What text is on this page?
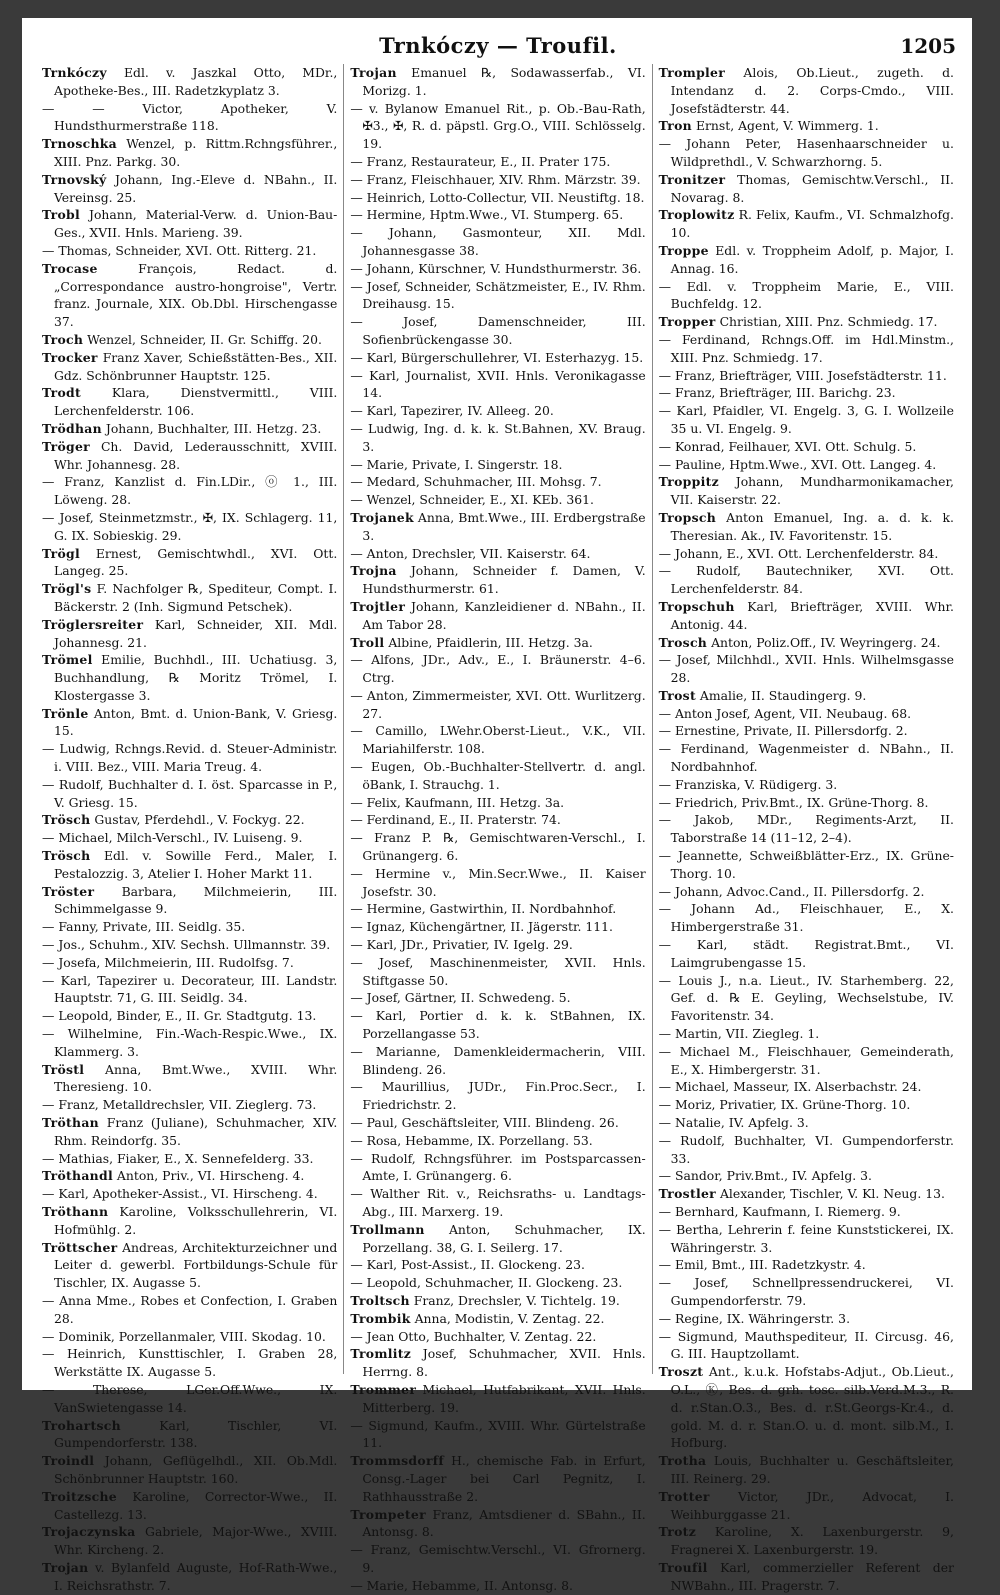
Trnkóczy — Troufil.	1205

Trnkóczy Edl. v. Jaszkal Otto, MDr., Apotheke-Bes., III. Radetzkyplatz 3.

— — Victor, Apotheker, V. Hundsthurmerstraße 118.

Trnoschka Wenzel, p. Rittm.Rchngsführer., XIII. Pnz. Parkg. 30.

Trnovský Johann, Ing.-Eleve d. NBahn., II. Vereinsg. 25.

Trobl Johann, Material-Verw. d. Union-Bau-Ges., XVII. Hnls. Marieng. 39.

— Thomas, Schneider, XVI. Ott. Ritterg. 21.

Trocase	François, Redact. d. „Correspondance austro-hongroise", Vertr. franz. Journale, XIX. Ob.Dbl. Hirschengasse 37.

Troch Wenzel, Schneider, II. Gr. Schiffg. 20.

Trocker Franz Xaver, Schießstätten-Bes., XII. Gdz. Schönbrunner Hauptstr. 125.

Trodt Klara, Dienstvermittl., VIII. Lerchenfelderstr. 106.

Trödhan Johann, Buchhalter, III. Hetzg. 23.

Tröger Ch. David, Lederausschnitt, XVIII. Whr. Johannesg. 28.

— Franz, Kanzlist d. Fin.LDir., ⓞ 1., III. Löweng. 28.

— Josef, Steinmetzmstr., ✠, IX. Schlagerg. 11, G. IX. Sobieskig. 29.

Trögl Ernest, Gemischtwhdl., XVI. Ott. Langeg. 25.

Trögl's F. Nachfolger ℞, Spediteur, Compt. I. Bäckerstr. 2 (Inh. Sigmund Petschek).

Tröglersreiter Karl, Schneider, XII. Mdl. Johannesg. 21.

Trömel Emilie, Buchhdl., III. Uchatiusg. 3, Buchhandlung, ℞ Moritz Trömel, I. Klostergasse 3.

Trönle Anton, Bmt. d. Union-Bank, V. Griesg. 15.

— Ludwig, Rchngs.Revid. d. Steuer-Administr. i. VIII. Bez., VIII. Maria Treug. 4.

— Rudolf, Buchhalter d. I. öst. Sparcasse in P., V. Griesg. 15.

Trösch Gustav, Pferdehdl., V. Fockyg. 22.

— Michael, Milch-Verschl., IV. Luiseng. 9.

Trösch Edl. v. Sowille Ferd., Maler, I. Pestalozzig. 3, Atelier I. Hoher Markt 11.

Tröster Barbara, Milchmeierin, III. Schimmelgasse 9.

— Fanny, Private, III. Seidlg. 35.

— Jos., Schuhm., XIV. Sechsh. Ullmannstr. 39.

— Josefa, Milchmeierin, III. Rudolfsg. 7.

— Karl, Tapezirer u. Decorateur, III. Landstr. Hauptstr. 71, G. III. Seidlg. 34.

— Leopold, Binder, E., II. Gr. Stadtgutg. 13.

— Wilhelmine, Fin.-Wach-Respic.Wwe., IX. Klammerg. 3.

Tröstl Anna, Bmt.Wwe., XVIII. Whr. Theresieng. 10.

— Franz, Metalldrechsler, VII. Zieglerg. 73.

Tröthan Franz (Juliane), Schuhmacher, XIV. Rhm. Reindorfg. 35.

— Mathias, Fiaker, E., X. Sennefelderg. 33.

Tröthandl Anton, Priv., VI. Hirscheng. 4.

— Karl, Apotheker-Assist., VI. Hirscheng. 4.

Tröthann Karoline, Volksschullehrerin, VI. Hofmühlg. 2.

Tröttscher Andreas, Architekturzeichner und Leiter d. gewerbl. Fortbildungs-Schule für Tischler, IX. Augasse 5.

— Anna Mme., Robes et Confection, I. Graben 28.

— Dominik, Porzellanmaler, VIII. Skodag. 10.

— Heinrich, Kunsttischler, I. Graben 28, Werkstätte IX. Augasse 5.

— Therese, LGer.Off.Wwe., IX. VanSwietengasse 14.

Trohartsch	Karl, Tischler, VI. Gumpendorferstr. 138.

Troindl Johann, Geflügelhdl., XII. Ob.Mdl. Schönbrunner Hauptstr. 160.

Troitzsche Karoline, Corrector-Wwe., II. Castellezg. 13.

Trojaczynska Gabriele, Major-Wwe., XVIII. Whr. Kircheng. 2.

Trojan v. Bylanfeld Auguste, Hof-Rath-Wwe., I. Reichsrathstr. 7.

Trojan Emanuel ℞, Sodawasserfab., VI. Morizg. 1.

— v. Bylanow Emanuel Rit., p. Ob.-Bau-Rath, ✠3., ✠, R. d. päpstl. Grg.O., VIII. Schlösselg. 19.

— Franz, Restaurateur, E., II. Prater 175.

— Franz, Fleischhauer, XIV. Rhm. Märzstr. 39.

— Heinrich, Lotto-Collectur, VII. Neustiftg. 18.

— Hermine, Hptm.Wwe., VI. Stumperg. 65.

— Johann, Gasmonteur, XII. Mdl. Johannesgasse 38.

— Johann, Kürschner, V. Hundsthurmerstr. 36.

— Josef, Schneider, Schätzmeister, E., IV. Rhm. Dreihausg. 15.

— Josef, Damenschneider, III. Sofienbrückengasse 30.

— Karl, Bürgerschullehrer, VI. Esterhazyg. 15.

— Karl, Journalist, XVII. Hnls. Veronikagasse 14.

— Karl, Tapezirer, IV. Alleeg. 20.

— Ludwig, Ing. d. k. k. St.Bahnen, XV. Braug. 3.

— Marie, Private, I. Singerstr. 18.

— Medard, Schuhmacher, III. Mohsg. 7.

— Wenzel, Schneider, E., XI. KEb. 361.

Trojanek Anna, Bmt.Wwe., III. Erdbergstraße 3.

— Anton, Drechsler, VII. Kaiserstr. 64.

Trojna Johann, Schneider f. Damen, V. Hundsthurmerstr. 61.

Trojtler Johann, Kanzleidiener d. NBahn., II. Am Tabor 28.

Troll Albine, Pfaidlerin, III. Hetzg. 3a.

— Alfons, JDr., Adv., E., I. Bräunerstr. 4–6. Ctrg.

— Anton, Zimmermeister, XVI. Ott. Wurlitzerg. 27.

— Camillo, LWehr.Oberst-Lieut., V.K., VII. Mariahilferstr. 108.

— Eugen, Ob.-Buchhalter-Stellvertr. d. angl. öBank, I. Strauchg. 1.

— Felix, Kaufmann, III. Hetzg. 3a.

— Ferdinand, E., II. Praterstr. 74.

— Franz P. ℞, Gemischtwaren-Verschl., I. Grünangerg. 6.

— Hermine v., Min.Secr.Wwe., II. Kaiser Josefstr. 30.

— Hermine, Gastwirthin, II. Nordbahnhof.

— Ignaz, Küchengärtner, II. Jägerstr. 111.

— Karl, JDr., Privatier, IV. Igelg. 29.

— Josef, Maschinenmeister, XVII. Hnls. Stiftgasse 50.

— Josef, Gärtner, II. Schwedeng. 5.

— Karl, Portier d. k. k. StBahnen, IX. Porzellangasse 53.

— Marianne, Damenkleidermacherin, VIII. Blindeng. 26.

— Maurillius, JUDr., Fin.Proc.Secr., I. Friedrichstr. 2.

— Paul, Geschäftsleiter, VIII. Blindeng. 26.

— Rosa, Hebamme, IX. Porzellang. 53.

— Rudolf, Rchngsführer. im Postsparcassen-Amte, I. Grünangerg. 6.

— Walther Rit. v., Reichsraths- u. Landtags-Abg., III. Marxerg. 19.

Trollmann Anton, Schuhmacher, IX. Porzellang. 38, G. I. Seilerg. 17.

— Karl, Post-Assist., II. Glockeng. 23.

— Leopold, Schuhmacher, II. Glockeng. 23.

Troltsch Franz, Drechsler, V. Tichtelg. 19.

Trombik Anna, Modistin, V. Zentag. 22.

— Jean Otto, Buchhalter, V. Zentag. 22.

Tromlitz Josef, Schuhmacher, XVII. Hnls. Herrng. 8.

Trommer Michael, Hutfabrikant, XVII. Hnls. Mitterberg. 19.

— Sigmund, Kaufm., XVIII. Whr. Gürtelstraße 11.

Trommsdorff H., chemische Fab. in Erfurt, Consg.-Lager bei Carl Pegnitz, I. Rathhausstraße 2.

Trompeter Franz, Amtsdiener d. SBahn., II. Antonsg. 8.

— Franz, Gemischtw.Verschl., VI. Gfrornerg. 9.

— Marie, Hebamme, II. Antonsg. 8.

Trompler Alois, Ob.Lieut., zugeth. d. Intendanz d. 2. Corps-Cmdo., VIII. Josefstädterstr. 44.

Tron Ernst, Agent, V. Wimmerg. 1.

— Johann Peter, Hasenhaarschneider u. Wildprethdl., V. Schwarzhorng. 5.

Tronitzer Thomas, Gemischtw.Verschl., II. Novarag. 8.

Troplowitz R. Felix, Kaufm., VI. Schmalzhofg. 10.

Troppe Edl. v. Troppheim Adolf, p. Major, I. Annag. 16.

— Edl. v. Troppheim Marie, E., VIII. Buchfeldg. 12.

Tropper Christian, XIII. Pnz. Schmiedg. 17.

— Ferdinand, Rchngs.Off. im Hdl.Minstm., XIII. Pnz. Schmiedg. 17.

— Franz, Briefträger, VIII. Josefstädterstr. 11.

— Franz, Briefträger, III. Barichg. 23.

— Karl, Pfaidler, VI. Engelg. 3, G. I. Wollzeile 35 u. VI. Engelg. 9.

— Konrad, Feilhauer, XVI. Ott. Schulg. 5.

— Pauline, Hptm.Wwe., XVI. Ott. Langeg. 4.

Troppitz Johann, Mundharmonikamacher, VII. Kaiserstr. 22.

Tropsch Anton Emanuel, Ing. a. d. k. k. Theresian. Ak., IV. Favoritenstr. 15.

— Johann, E., XVI. Ott. Lerchenfelderstr. 84.

— Rudolf, Bautechniker, XVI. Ott. Lerchenfelderstr. 84.

Tropschuh Karl, Briefträger, XVIII. Whr. Antonig. 44.

Trosch Anton, Poliz.Off., IV. Weyringerg. 24.

— Josef, Milchhdl., XVII. Hnls. Wilhelmsgasse 28.

Trost Amalie, II. Staudingerg. 9.

— Anton Josef, Agent, VII. Neubaug. 68.

— Ernestine, Private, II. Pillersdorfg. 2.

— Ferdinand, Wagenmeister d. NBahn., II. Nordbahnhof.

— Franziska, V. Rüdigerg. 3.

— Friedrich, Priv.Bmt., IX. Grüne-Thorg. 8.

— Jakob, MDr., Regiments-Arzt, II. Taborstraße 14 (11–12, 2–4).

— Jeannette, Schweißblätter-Erz., IX. Grüne-Thorg. 10.

— Johann, Advoc.Cand., II. Pillersdorfg. 2.

— Johann Ad., Fleischhauer, E., X. Himbergerstraße 31.

— Karl, städt. Registrat.Bmt., VI. Laimgrubengasse 15.

— Louis J., n.a. Lieut., IV. Starhemberg. 22, Gef. d. ℞ E. Geyling, Wechselstube, IV. Favoritenstr. 34.

— Martin, VII. Ziegleg. 1.

— Michael M., Fleischhauer, Gemeinderath, E., X. Himbergerstr. 31.

— Michael, Masseur, IX. Alserbachstr. 24.

— Moriz, Privatier, IX. Grüne-Thorg. 10.

— Natalie, IV. Apfelg. 3.

— Rudolf, Buchhalter, VI. Gumpendorferstr. 33.

— Sandor, Priv.Bmt., IV. Apfelg. 3.

Trostler Alexander, Tischler, V. Kl. Neug. 13.

— Bernhard, Kaufmann, I. Riemerg. 9.

— Bertha, Lehrerin f. feine Kunststickerei, IX. Währingerstr. 3.

— Emil, Bmt., III. Radetzkystr. 4.

— Josef, Schnellpressendruckerei, VI. Gumpendorferstr. 79.

— Regine, IX. Währingerstr. 3.

— Sigmund, Mauthspediteur, II. Circusg. 46, G. III. Hauptzollamt.

Troszt Ant., k.u.k. Hofstabs-Adjut., Ob.Lieut., O.L., Ⓚ, Bes. d. grh. tosc. silb.Verd.M.3., R. d. r.Stan.O.3., Bes. d. r.St.Georgs-Kr.4., d. gold. M. d. r. Stan.O. u. d. mont. silb.M., I. Hofburg.

Trotha Louis, Buchhalter u. Geschäftsleiter, III. Reinerg. 29.

Trotter Victor, JDr., Advocat, I. Weihburggasse 21.

Trotz Karoline, X. Laxenburgerstr. 9, Fragnerei X. Laxenburgerstr. 19.

Troufil Karl, commerzieller Referent der NWBahn., III. Pragerstr. 7.
